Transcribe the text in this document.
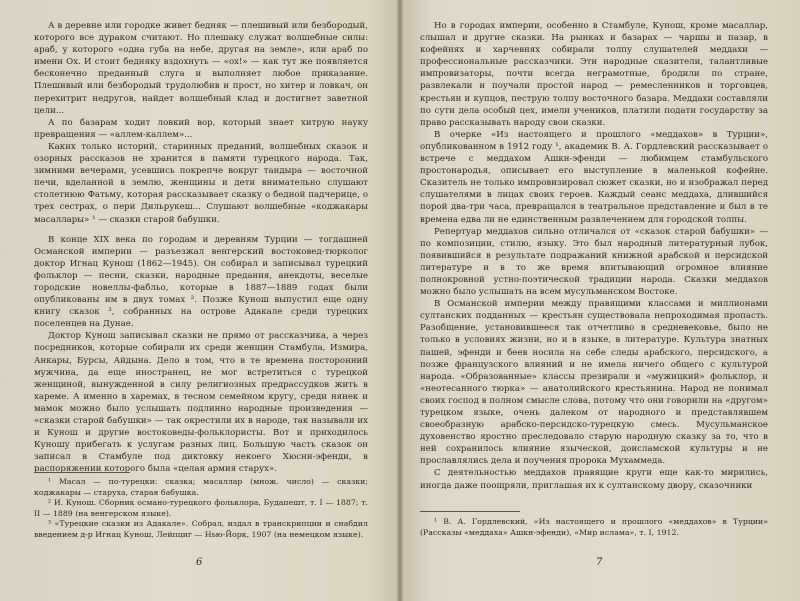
А в деревне или городке живет бедняк — плешивый или безбородый, которого все дураком считают. Но плешаку служат волшебные силы: араб, у которого «одна губа на небе, другая на земле», или араб по имени Ох. И стоит бедняку вздохнуть — «ох!» — как тут же появляется бесконечно преданный слуга и выполняет любое приказание. Плешивый или безбородый трудолюбив и прост, но хитер и ловкач, он перехитрит недругов, найдет волшебный клад и достигнет заветной цели...

А по базарам ходит ловкий вор, который знает хитрую науку превращения — «аллем-каллем»...

Каких только историй, старинных преданий, волшебных сказок и озорных рассказов не хранится в памяти турецкого народа. Так, зимними вечерами, усевшись покрепче вокруг тандыра — восточной печи, вделанной в землю, женщины и дети внимательно слушают столетнюю Фатьму, которая рассказывает сказку о бедной падчерице, о трех сестрах, о пери Дильрукеш... Слушают волшебные «коджакары масаллары» ¹ — сказки старой бабушки.

В конце XIX века по городам и деревням Турции — тогдашней Османской империи — разъезжал венгерский востоковед-тюрколог доктор Игнац Кунош (1862—1945). Он собирал и записывал турецкий фольклор — песни, сказки, народные предания, анекдоты, веселые городские новеллы-фабльо, которые в 1887—1889 годах были опубликованы им в двух томах ². Позже Кунош выпустил еще одну книгу сказок ³, собранных на острове Адакале среди турецких поселенцев на Дунае.

Доктор Кунош записывал сказки не прямо от рассказчика, а через посредников, которые собирали их среди женщин Стамбула, Измира, Анкары, Бурсы, Айдына. Дело в том, что в те времена посторонний мужчина, да еще иностранец, не мог встретиться с турецкой женщиной, вынужденной в силу религиозных предрассудков жить в хареме. А именно в харемах, в тесном семейном кругу, среди нянек и мамок можно было услышать подлинно народные произведения — «сказки старой бабушки» — так окрестили их в народе, так называли их и Кунош и другие востоковеды-фольклористы. Вот и приходилось Куношу прибегать к услугам разных лиц. Большую часть сказок он записал в Стамбуле под диктовку некоего Хюсни-эфенди, в распоряжении которого была «целая армия старух».

¹ Масал — по-турецки: сказка; масаллар (множ. число) — сказки; коджакары — старуха, старая бабушка.

² И. Кунош. Сборник османо-турецкого фольклора, Будапешт, т. I — 1887; т. II — 1889 (на венгерском языке).

³ «Турецкие сказки из Адакале». Собрал, издал в транскрипции и снабдил введением д-р Игнац Кунош, Лейпциг — Нью-Йорк, 1907 (на немецком языке).

6

Но в городах империи, особенно в Стамбуле, Кунош, кроме масаллар, слышал и другие сказки. На рынках и базарах — чаршы и пазар, в кофейнях и харчевнях собирали толпу слушателей меддахи — профессиональные рассказчики. Эти народные сказители, талантливые импровизаторы, почти всегда неграмотные, бродили по стране, развлекали и поучали простой народ — ремесленников и торговцев, крестьян и купцов, пеструю толпу восточного базара. Меддахи составляли по сути дела особый цех, имели учеников, платили подати государству за право рассказывать народу свои сказки.

В очерке «Из настоящего и прошлого «меддахов» в Турции», опубликованном в 1912 году ¹, академик В. А. Гордлевский рассказывает о встрече с меддахом Ашкн-эфенди — любимцем стамбульского простонародья, описывает его выступление в маленькой кофейне. Сказитель не только импровизировал сюжет сказки, но и изображал перед слушателями в лицах своих героев. Каждый сеанс меддаха, длившийся порой два-три часа, превращался в театральное представление и был в те времена едва ли не единственным развлечением для городской толпы.

Репертуар меддахов сильно отличался от «сказок старой бабушки» — по композиции, стилю, языку. Это был народный литературный лубок, появившийся в результате подражаний книжной арабской и персидской литературе и в то же время впитывающий огромное влияние полнокровной устно-поэтической традиции народа. Сказки меддахов можно было услышать на всем мусульманском Востоке.

В Османской империи между правящими классами и миллионами султанских подданных — крестьян существовала непроходимая пропасть. Разобщение, установившееся так отчетливо в средневековье, было не только в условиях жизни, но и в языке, в литературе. Культура знатных пашей, эфенди и беев носила на себе следы арабского, персидского, а позже французского влияний и не имела ничего общего с культурой народа. «Образованные» классы презирали и «мужицкий» фольклор, и «неотесанного тюрка» — анатолийского крестьянина. Народ не понимал своих господ в полном смысле слова, потому что они говорили на «другом» турецком языке, очень далеком от народного и представлявшем своеобразную арабско-персидско-турецкую смесь. Мусульманское духовенство яростно преследовало старую народную сказку за то, что в ней сохранилось влияние языческой, доисламской культуры и не прославлялись дела и поучения пророка Мухаммеда.

С деятельностью меддахов правящие круги еще как-то мирились, иногда даже поощряли, приглашая их к султанскому двору, сказочники

¹ В. А. Гордлевский, «Из настоящего и прошлого «меддахов» в Турции» (Рассказы «меддаха» Ашкн-эфенди), «Мир ислама», т. I, 1912.

7
